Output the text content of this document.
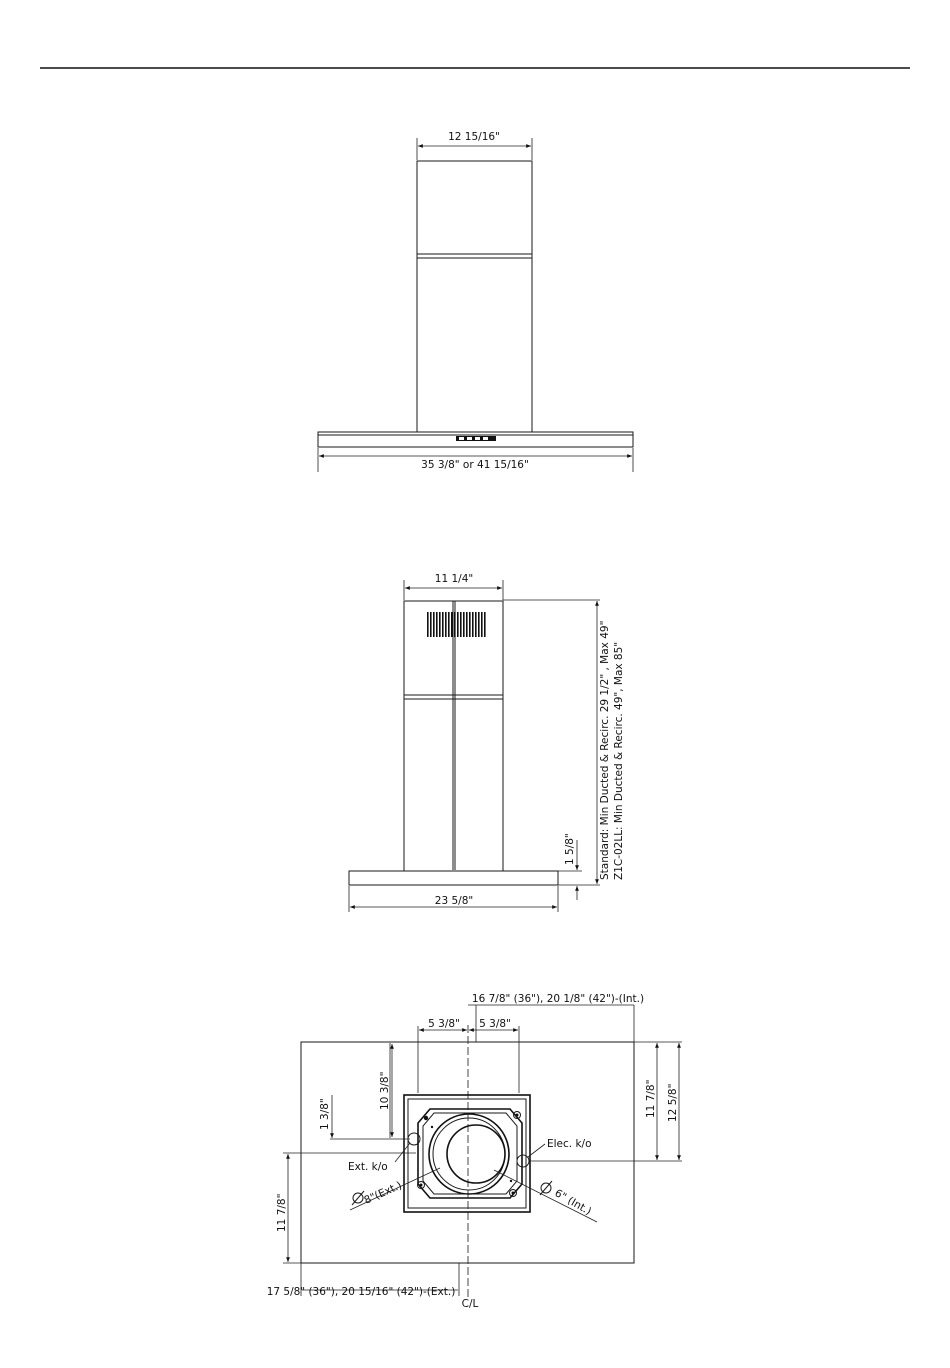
12 15/16"
35 3/8" or 41 15/16"
11 1/4"
1 5/8" Standard: Min Ducted & Recirc. 29 1/2" , Max 49" Z1C-02LL: Min Ducted & Recirc. 49", Max 85"
23 5/8"
C/L
16 7/8" (36"), 20 1/8" (42")-(Int.)
5 3/8" 5 3/8"
10 3/8"
1 3/8"
11 7/8"
11 7/8" 12 5/8"
Ext. k/o
Elec. k/o
8"(Ext.)	6" (Int.)
17 5/8" (36"), 20 15/16" (42")-(Ext.)
